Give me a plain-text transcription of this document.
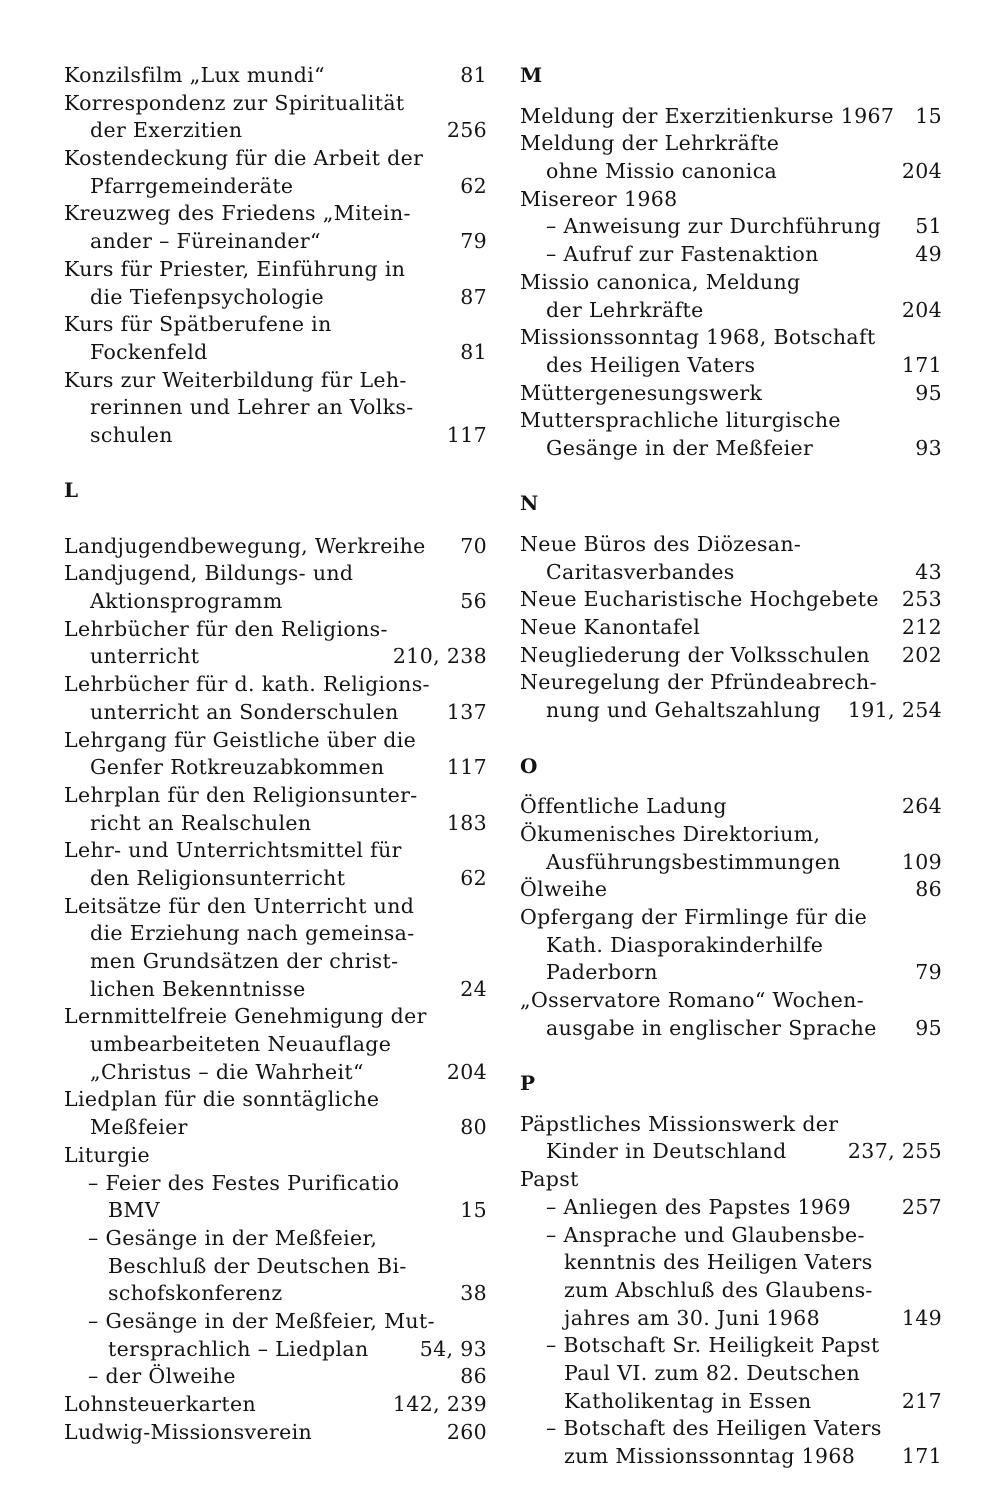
Konzilsfilm „Lux mundi“	81
Korrespondenz zur Spiritualität
der Exerzitien	256
Kostendeckung für die Arbeit der
Pfarrgemeinderäte	62
Kreuzweg des Friedens „Mitein-
ander – Füreinander“	79
Kurs für Priester, Einführung in
die Tiefenpsychologie	87
Kurs für Spätberufene in
Fockenfeld	81
Kurs zur Weiterbildung für Leh-
rerinnen und Lehrer an Volks-
schulen	117
L
Landjugendbewegung, Werkreihe 70
Landjugend, Bildungs- und
Aktionsprogramm	56
Lehrbücher für den Religions-
unterricht	210, 238
Lehrbücher für d. kath. Religions-
unterricht an Sonderschulen 137
Lehrgang für Geistliche über die
Genfer Rotkreuzabkommen	117
Lehrplan für den Religionsunter-
richt an Realschulen	183
Lehr- und Unterrichtsmittel für
den Religionsunterricht	62
Leitsätze für den Unterricht und
die Erziehung nach gemeinsa-
men Grundsätzen der christ-
lichen Bekenntnisse	24
Lernmittelfreie Genehmigung der
umbearbeiteten Neuauflage
„Christus – die Wahrheit“	204
Liedplan für die sonntägliche
Meßfeier	80
Liturgie
– Feier des Festes Purificatio
BMV	15
– Gesänge in der Meßfeier,
Beschluß der Deutschen Bi-
schofskonferenz	38
– Gesänge in der Meßfeier, Mut-
tersprachlich – Liedplan 54, 93
– der Ölweihe	86
Lohnsteuerkarten	142, 239
Ludwig-Missionsverein	260
M
Meldung der Exerzitienkurse 1967 15
Meldung der Lehrkräfte
ohne Missio canonica	204
Misereor 1968
– Anweisung zur Durchführung 51
– Aufruf zur Fastenaktion	49
Missio canonica, Meldung
der Lehrkräfte	204
Missionssonntag 1968, Botschaft
des Heiligen Vaters	171
Müttergenesungswerk	95
Muttersprachliche liturgische
Gesänge in der Meßfeier	93
N
Neue Büros des Diözesan-
Caritasverbandes	43
Neue Eucharistische Hochgebete 253
Neue Kanontafel	212
Neugliederung der Volksschulen 202
Neuregelung der Pfründeabrech-
nung und Gehaltszahlung 191, 254
O
Öffentliche Ladung	264
Ökumenisches Direktorium,
Ausführungsbestimmungen	109
Ölweihe	86
Opfergang der Firmlinge für die
Kath. Diasporakinderhilfe
Paderborn	79
„Osservatore Romano“ Wochen-
ausgabe in englischer Sprache 95
P
Päpstliches Missionswerk der
Kinder in Deutschland	237, 255
Papst
– Anliegen des Papstes 1969 257
– Ansprache und Glaubensbe-
kenntnis des Heiligen Vaters
zum Abschluß des Glaubens-
jahres am 30. Juni 1968	149
– Botschaft Sr. Heiligkeit Papst
Paul VI. zum 82. Deutschen
Katholikentag in Essen	217
– Botschaft des Heiligen Vaters
zum Missionssonntag 1968 171
